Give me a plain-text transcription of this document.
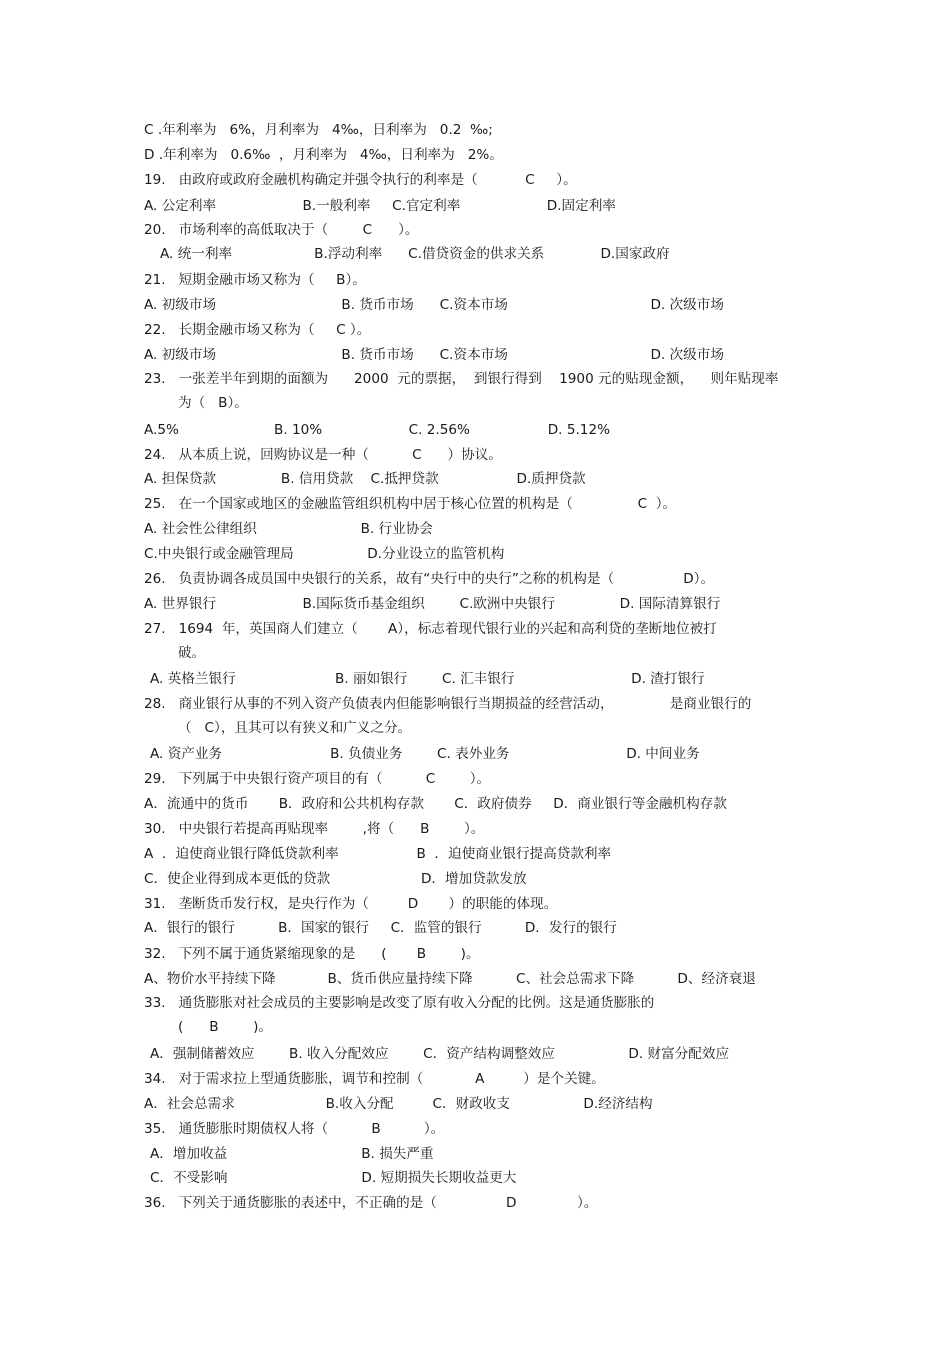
C .年利率为   6%，月利率为   4‰，日利率为   0.2  ‰;
D .年利率为   0.6‰  ，月利率为   4‰，日利率为   2%。
19.   由政府或政府金融机构确定并强令执行的利率是（           C     ）。
A. 公定利率                    B.一般利率     C.官定利率                    D.固定利率
20.   市场利率的高低取决于（        C      ）。
A. 统一利率                   B.浮动利率      C.借贷资金的供求关系             D.国家政府
21.   短期金融市场又称为（     B）。
A. 初级市场                             B. 货币市场      C.资本市场                                 D. 次级市场
22.   长期金融市场又称为（     C ）。
A. 初级市场                             B. 货币市场      C.资本市场                                 D. 次级市场
23.   一张差半年到期的面额为      2000  元的票据，  到银行得到    1900 元的贴现金额，    则年贴现率
为（   B）。
A.5%                      B. 10%                    C. 2.56%                  D. 5.12%
24.   从本质上说，回购协议是一种（          C      ）协议。
A. 担保贷款               B. 信用贷款    C.抵押贷款                  D.质押贷款
25.   在一个国家或地区的金融监管组织机构中居于核心位置的机构是（               C  ）。
A. 社会性公律组织                        B. 行业协会
C.中央银行或金融管理局                 D.分业设立的监管机构
26.   负责协调各成员国中央银行的关系，故有“央行中的央行”之称的机构是（                D）。
A. 世界银行                    B.国际货币基金组织        C.欧洲中央银行               D. 国际清算银行
27.   1694  年，英国商人们建立（       A），标志着现代银行业的兴起和高利贷的垄断地位被打
破。
A. 英格兰银行                       B. 丽如银行        C. 汇丰银行                           D. 渣打银行
28.   商业银行从事的不列入资产负债表内但能影响银行当期损益的经营活动，             是商业银行的
（   C），且其可以有狭义和广义之分。
A. 资产业务                         B. 负债业务        C. 表外业务                           D. 中间业务
29.   下列属于中央银行资产项目的有（          C        ）。
A．流通中的货币       B．政府和公共机构存款       C．政府债券     D．商业银行等金融机构存款
30.   中央银行若提高再贴现率        ,将（      B        ）。
A  ．迫使商业银行降低贷款利率                  B  ．迫使商业银行提高贷款利率
C．使企业得到成本更低的贷款                     D．增加贷款发放
31.   垄断货币发行权，是央行作为（         D       ）的职能的体现。
A．银行的银行          B．国家的银行     C．监管的银行          D．发行的银行
32.   下列不属于通货紧缩现象的是      (       B        )。
A、物价水平持续下降            B、货币供应量持续下降          C、社会总需求下降          D、经济衰退
33.   通货膨胀对社会成员的主要影响是改变了原有收入分配的比例。这是通货膨胀的
(      B        )。
A．强制储蓄效应        B. 收入分配效应        C．资产结构调整效应                 D. 财富分配效应
34.   对于需求拉上型通货膨胀，调节和控制（            A         ）是个关键。
A．社会总需求                     B.收入分配         C．财政收支                 D.经济结构
35.   通货膨胀时期债权人将（          B          ）。
A．增加收益                               B. 损失严重
C．不受影响                               D. 短期损失长期收益更大
36.   下列关于通货膨胀的表述中，不正确的是（                D              ）。
